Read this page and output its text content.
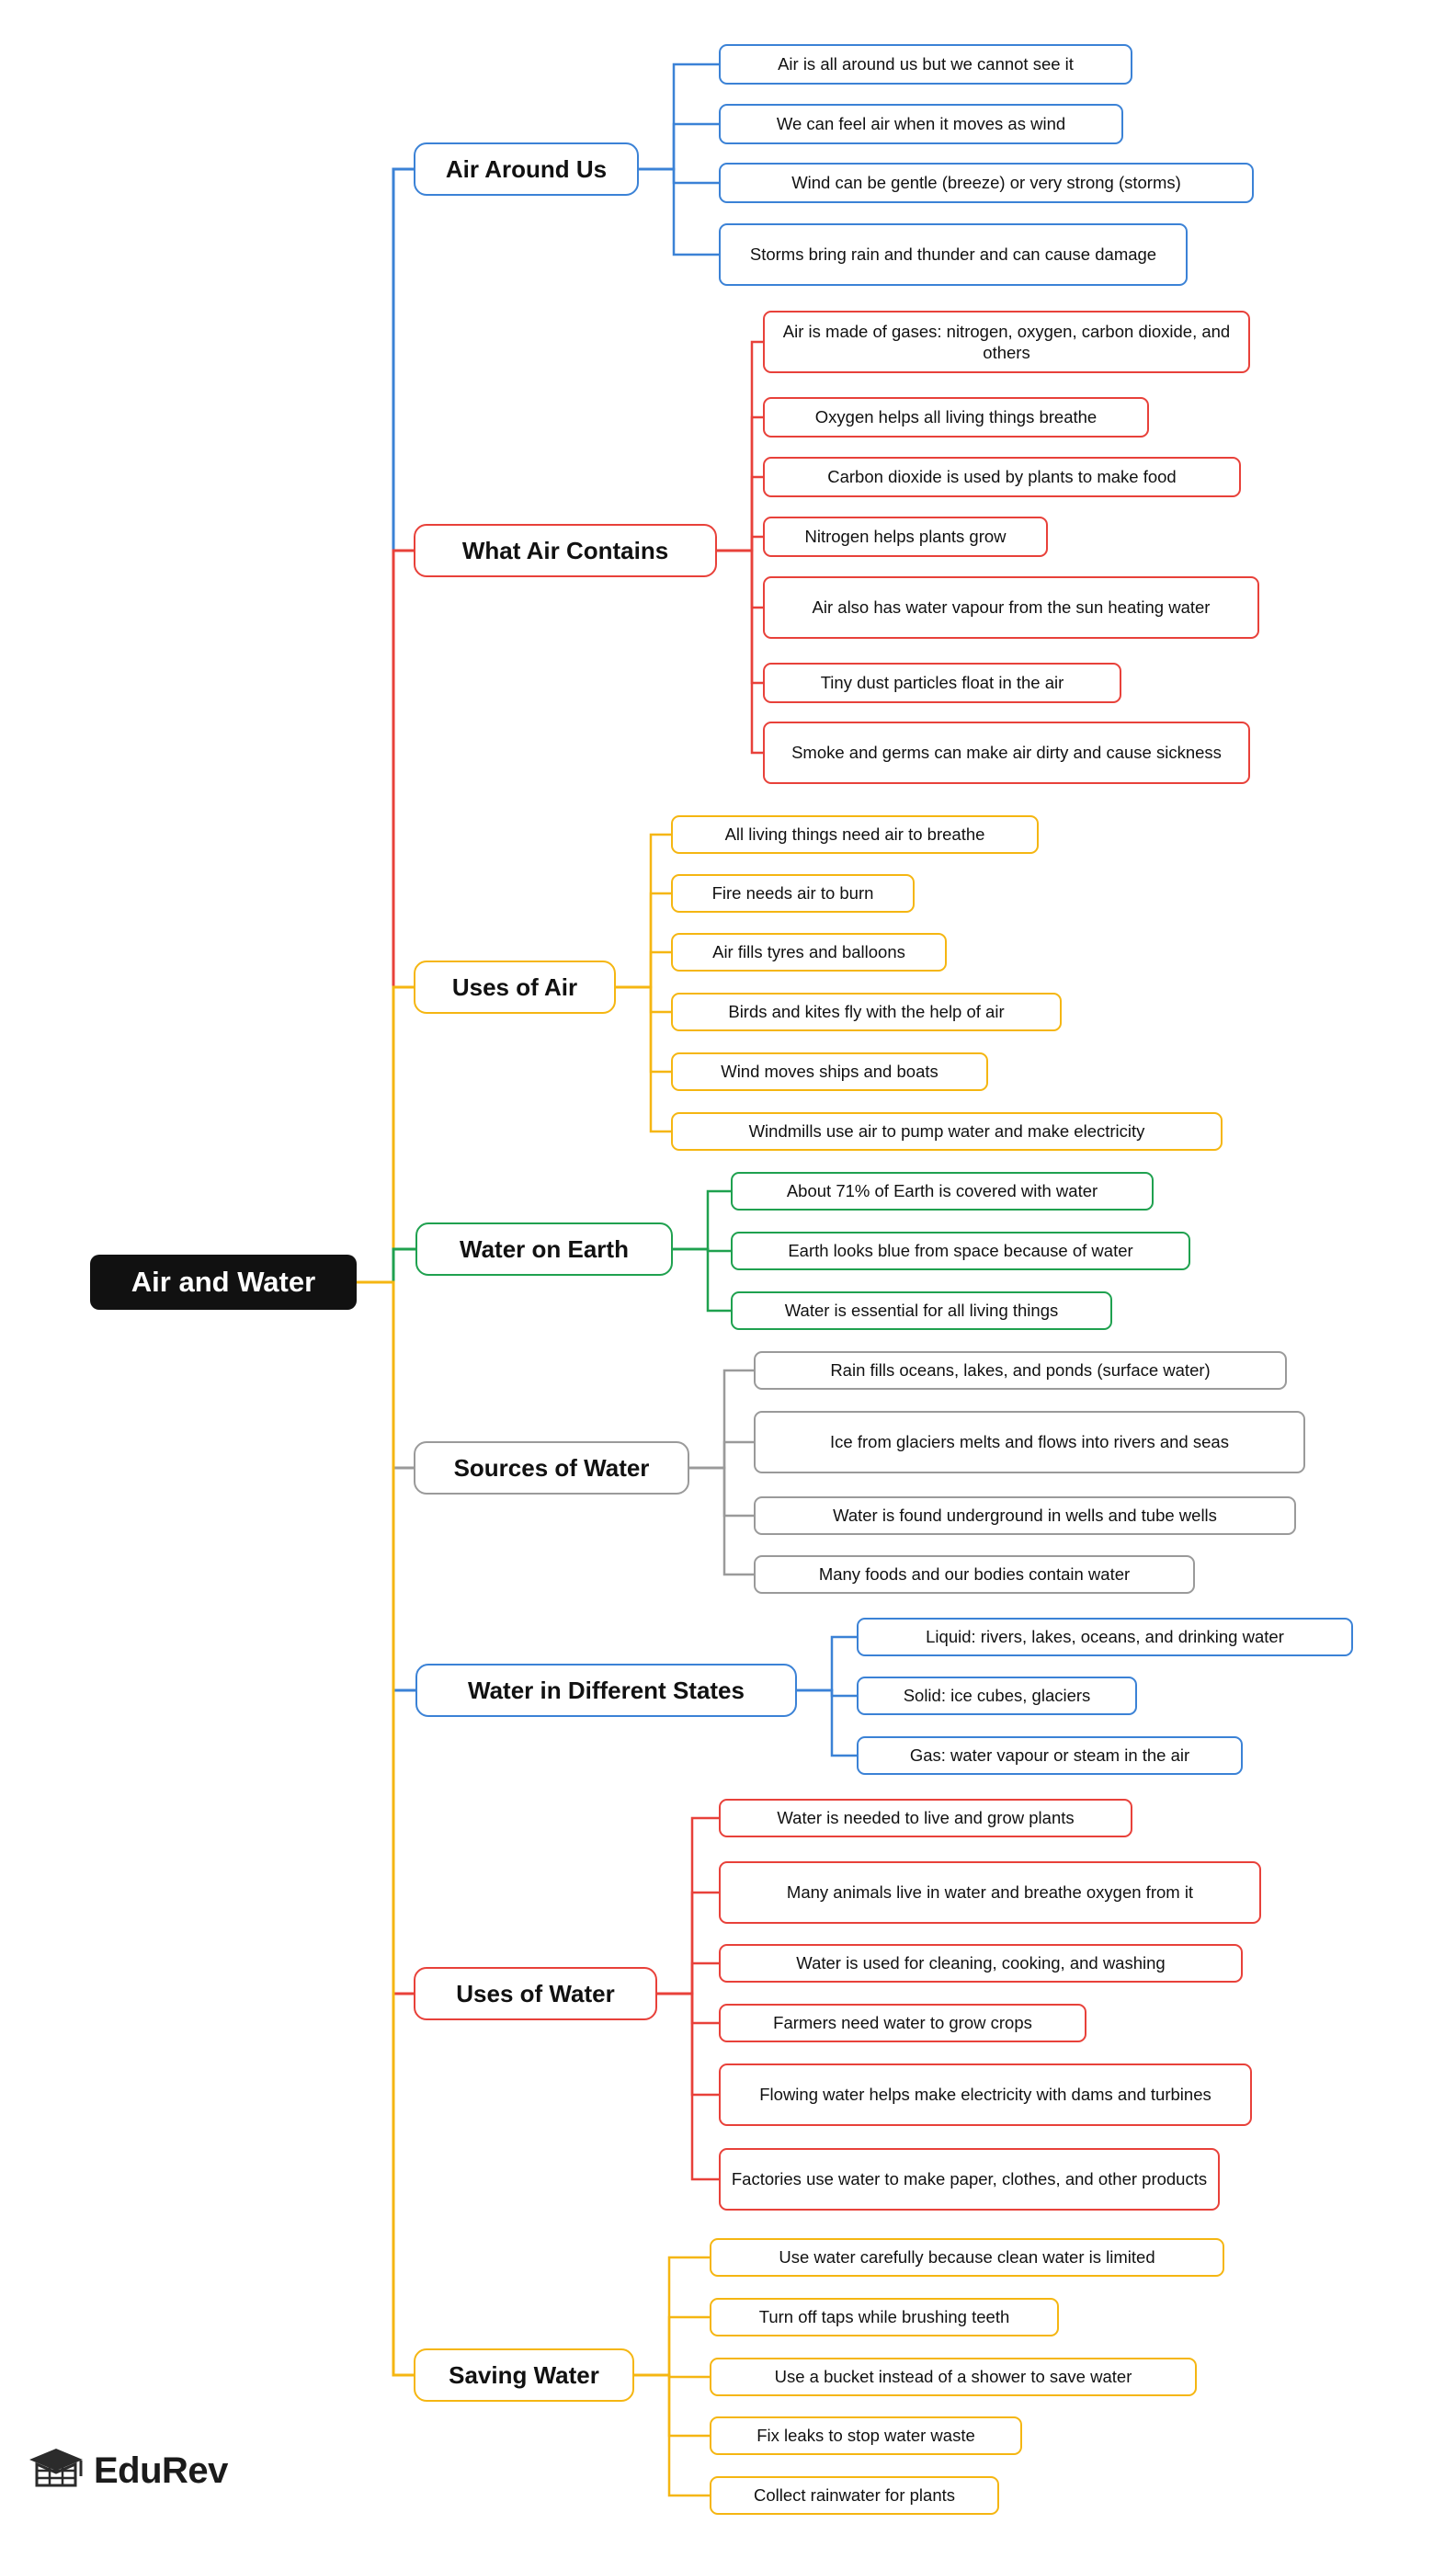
Air and Water
Air Around Us
Air is all around us but we cannot see it
We can feel air when it moves as wind
Wind can be gentle (breeze) or very strong (storms)
Storms bring rain and thunder and can cause damage
What Air Contains
Air is made of gases: nitrogen, oxygen, carbon dioxide, and others
Oxygen helps all living things breathe
Carbon dioxide is used by plants to make food
Nitrogen helps plants grow
Air also has water vapour from the sun heating water
Tiny dust particles float in the air
Smoke and germs can make air dirty and cause sickness
Uses of Air
All living things need air to breathe
Fire needs air to burn
Air fills tyres and balloons
Birds and kites fly with the help of air
Wind moves ships and boats
Windmills use air to pump water and make electricity
Water on Earth
About 71% of Earth is covered with water
Earth looks blue from space because of water
Water is essential for all living things
Sources of Water
Rain fills oceans, lakes, and ponds (surface water)
Ice from glaciers melts and flows into rivers and seas
Water is found underground in wells and tube wells
Many foods and our bodies contain water
Water in Different States
Liquid: rivers, lakes, oceans, and drinking water
Solid: ice cubes, glaciers
Gas: water vapour or steam in the air
Uses of Water
Water is needed to live and grow plants
Many animals live in water and breathe oxygen from it
Water is used for cleaning, cooking, and washing
Farmers need water to grow crops
Flowing water helps make electricity with dams and turbines
Factories use water to make paper, clothes, and other products
Saving Water
Use water carefully because clean water is limited
Turn off taps while brushing teeth
Use a bucket instead of a shower to save water
Fix leaks to stop water waste
Collect rainwater for plants
EduRev
